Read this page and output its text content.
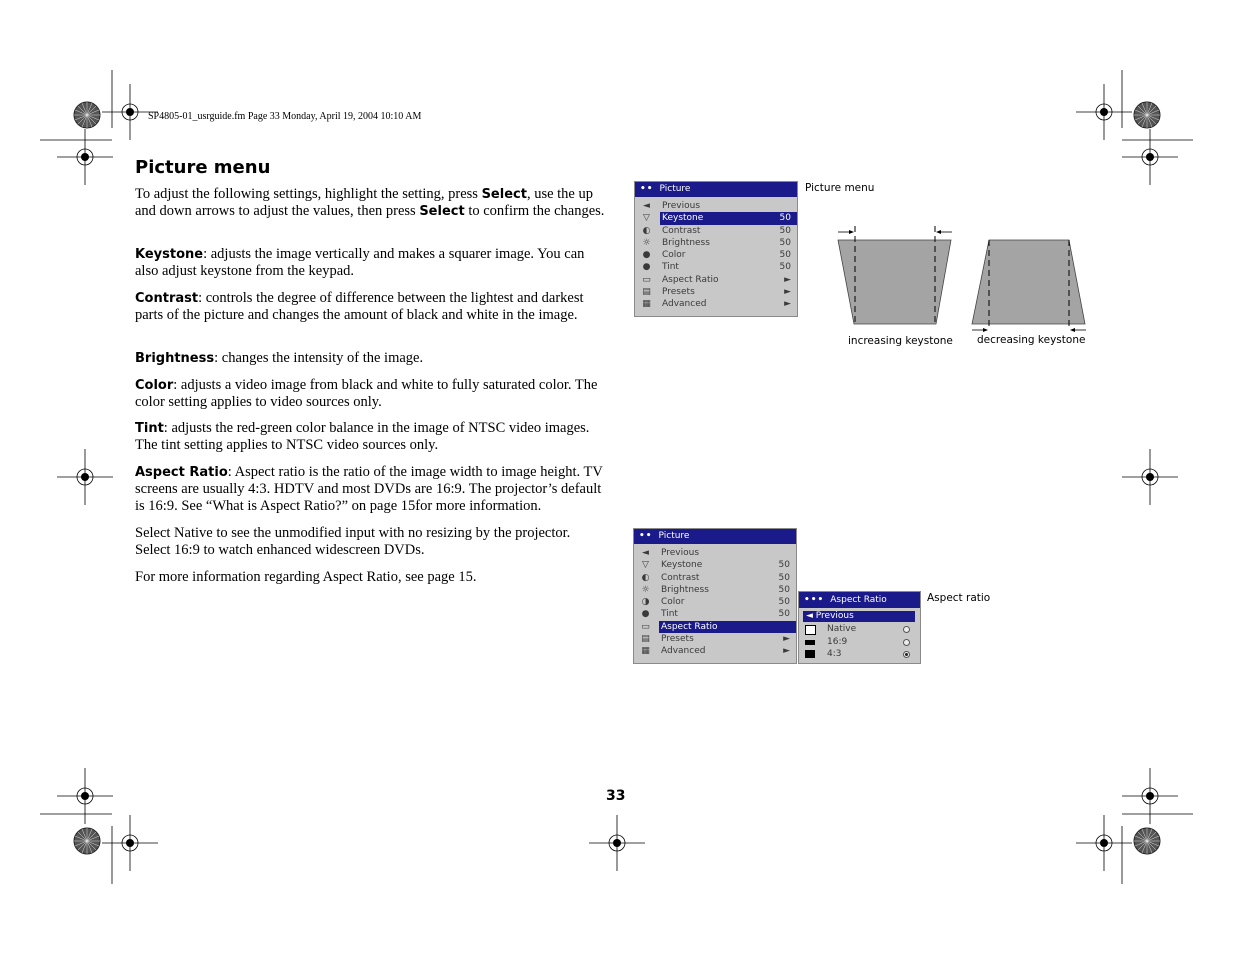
SP4805-01_usrguide.fm Page 33 Monday, April 19, 2004 10:10 AM
Picture menu

To adjust the following settings, highlight the setting, press Select, use the up and down arrows to adjust the values, then press Select to confirm the changes.

Keystone: adjusts the image vertically and makes a squarer image. You can also adjust keystone from the keypad.

Contrast: controls the degree of difference between the lightest and darkest parts of the picture and changes the amount of black and white in the image.

Brightness: changes the intensity of the image.

Color: adjusts a video image from black and white to fully saturated color. The color setting applies to video sources only.

Tint: adjusts the red-green color balance in the image of NTSC video images. The tint setting applies to NTSC video sources only.

Aspect Ratio: Aspect ratio is the ratio of the image width to image height. TV screens are usually 4:3. HDTV and most DVDs are 16:9. The projector’s default is 16:9. See “What is Aspect Ratio?” on page 15for more information.

Select Native to see the unmodified input with no resizing by the projector. Select 16:9 to watch enhanced widescreen DVDs.

For more information regarding Aspect Ratio, see page 15.

•• Picture
◄ Previous
▽ Keystone	50
◐ Contrast	50
☼ Brightness	50
● Color	50
● Tint	50
▭ Aspect Ratio	►
▤ Presets	►
▦ Advanced	►
Picture menu
increasing keystone decreasing keystone
•• Picture
◄ Previous
▽ Keystone	50
◐ Contrast	50
☼ Brightness	50
◑ Color	50
● Tint	50
▭ Aspect Ratio
▤ Presets	►
▦ Advanced	►
••• Aspect Ratio
◄ Previous
Native
16:9
4:3
Aspect ratio
33
